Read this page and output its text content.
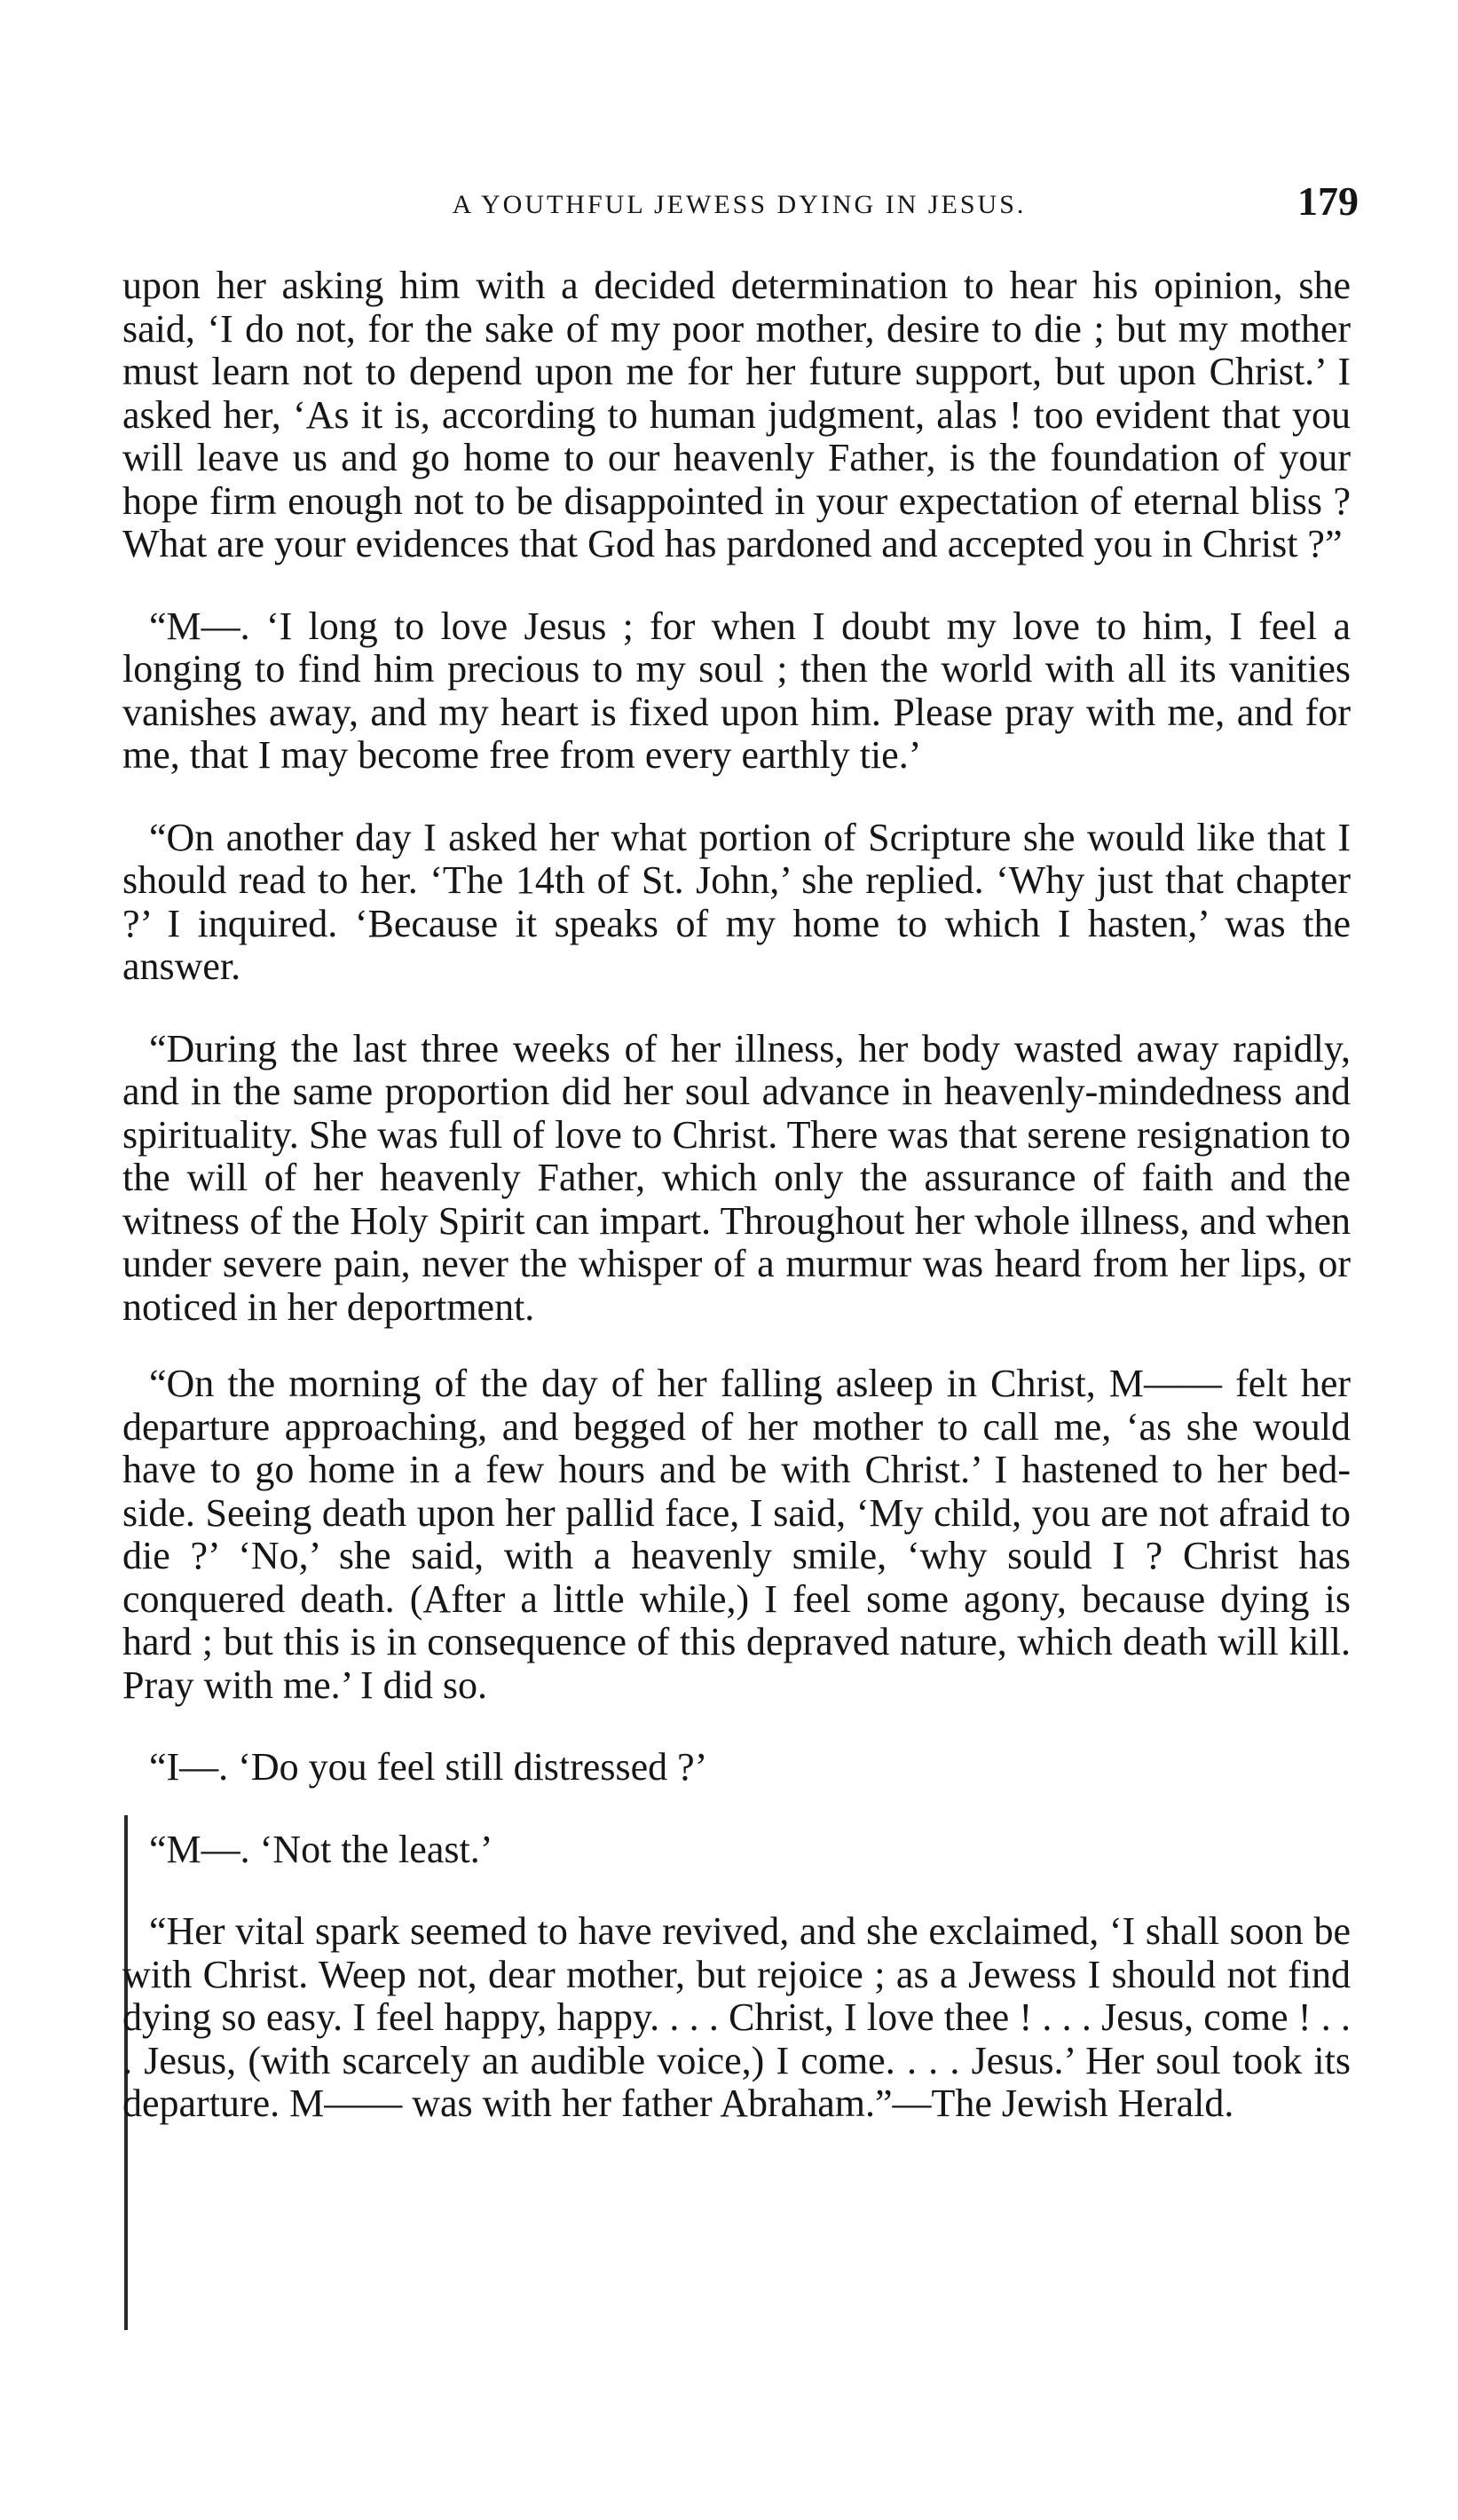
A YOUTHFUL JEWESS DYING IN JESUS.	179

upon her asking him with a decided determination to hear his opinion, she said, ‘I do not, for the sake of my poor mother, desire to die ; but my mother must learn not to depend upon me for her future support, but upon Christ.’ I asked her, ‘As it is, according to human judgment, alas ! too evident that you will leave us and go home to our heavenly Father, is the foundation of your hope firm enough not to be disappointed in your expectation of eternal bliss ? What are your evidences that God has pardoned and accepted you in Christ ?”

“M—. ‘I long to love Jesus ; for when I doubt my love to him, I feel a longing to find him precious to my soul ; then the world with all its vanities vanishes away, and my heart is fixed upon him. Please pray with me, and for me, that I may become free from every earthly tie.’

“On another day I asked her what portion of Scripture she would like that I should read to her. ‘The 14th of St. John,’ she replied. ‘Why just that chapter ?’ I inquired. ‘Because it speaks of my home to which I hasten,’ was the answer.

“During the last three weeks of her illness, her body wasted away rapidly, and in the same proportion did her soul advance in heavenly-mindedness and spirituality. She was full of love to Christ. There was that serene resignation to the will of her heavenly Father, which only the assurance of faith and the witness of the Holy Spirit can impart. Throughout her whole illness, and when under severe pain, never the whisper of a murmur was heard from her lips, or noticed in her deportment.

“On the morning of the day of her falling asleep in Christ, M—— felt her departure approaching, and begged of her mother to call me, ‘as she would have to go home in a few hours and be with Christ.’ I hastened to her bed-side. Seeing death upon her pallid face, I said, ‘My child, you are not afraid to die ?’ ‘No,’ she said, with a heavenly smile, ‘why sould I ? Christ has conquered death. (After a little while,) I feel some agony, because dying is hard ; but this is in consequence of this depraved nature, which death will kill. Pray with me.’ I did so.

“I—. ‘Do you feel still distressed ?’

“M—. ‘Not the least.’

“Her vital spark seemed to have revived, and she exclaimed, ‘I shall soon be with Christ. Weep not, dear mother, but rejoice ; as a Jewess I should not find dying so easy. I feel happy, happy. . . . Christ, I love thee ! . . . Jesus, come ! . . . Jesus, (with scarcely an audible voice,) I come. . . . Jesus.’ Her soul took its departure. M—— was with her father Abraham.”—The Jewish Herald.
